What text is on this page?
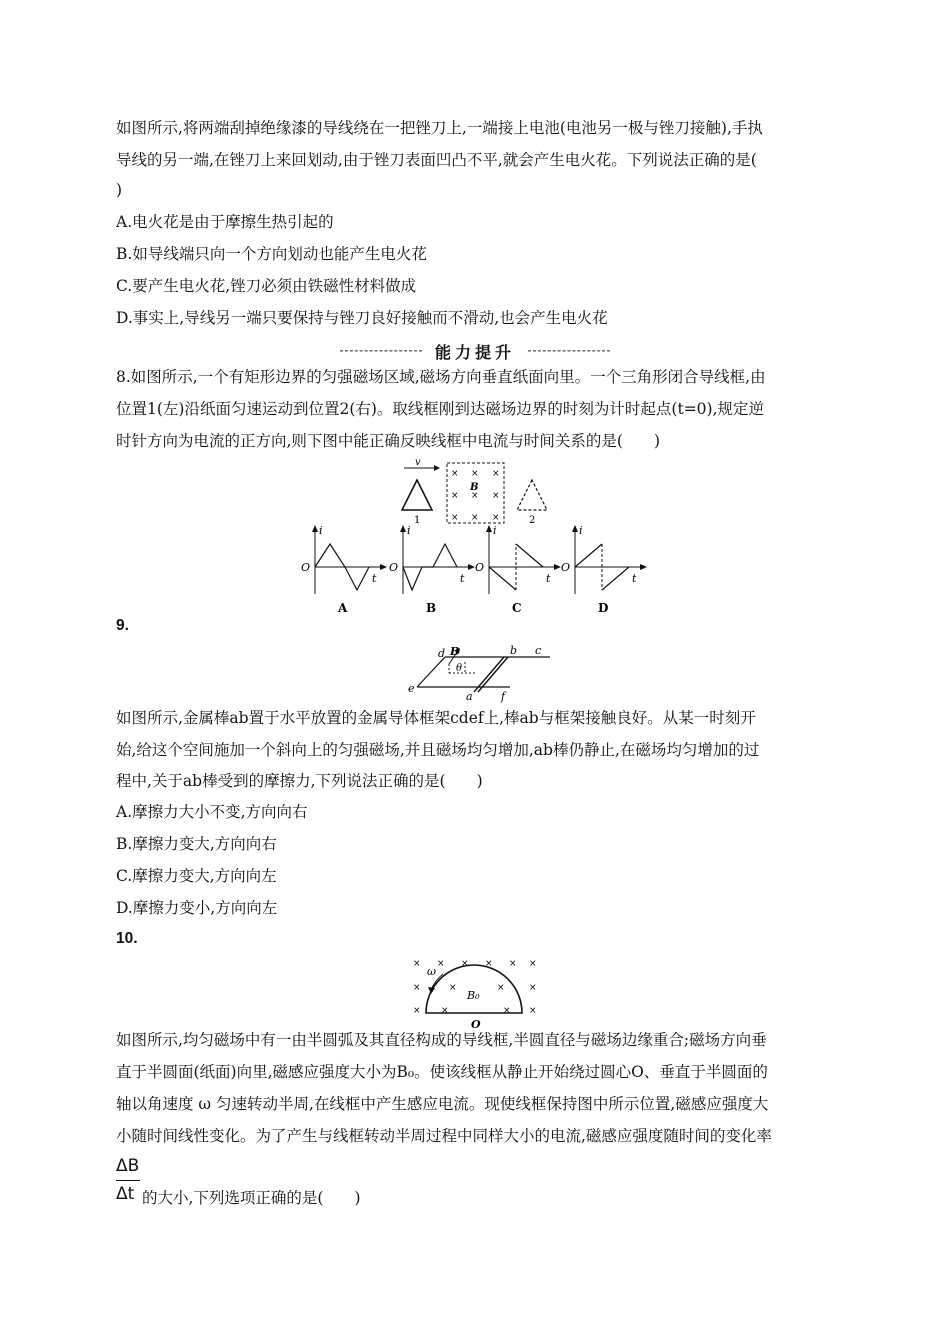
如图所示,将两端刮掉绝缘漆的导线绕在一把锉刀上,一端接上电池(电池另一极与锉刀接触),手执
导线的另一端,在锉刀上来回划动,由于锉刀表面凹凸不平,就会产生电火花。下列说法正确的是(
)
A.电火花是由于摩擦生热引起的
B.如导线端只向一个方向划动也能产生电火花
C.要产生电火花,锉刀必须由铁磁性材料做成
D.事实上,导线另一端只要保持与锉刀良好接触而不滑动,也会产生电火花
能力提升
8.如图所示,一个有矩形边界的匀强磁场区域,磁场方向垂直纸面向里。一个三角形闭合导线框,由
位置1(左)沿纸面匀速运动到位置2(右)。取线框刚到达磁场边界的时刻为计时起点(t=0),规定逆
时针方向为电流的正方向,则下图中能正确反映线框中电流与时间关系的是(　　)
v
1
× × ×
× × ×
× × ×
B
2
i
O
t
A
i
O
t
B
i
O
t
C
i
O
t
D
9.
d B
θ
b c
e
a	f
如图所示,金属棒ab置于水平放置的金属导体框架cdef上,棒ab与框架接触良好。从某一时刻开
始,给这个空间施加一个斜向上的匀强磁场,并且磁场均匀增加,ab棒仍静止,在磁场均匀增加的过
程中,关于ab棒受到的摩擦力,下列说法正确的是(　　)
A.摩擦力大小不变,方向向右
B.摩擦力变大,方向向右
C.摩擦力变大,方向向左
D.摩擦力变小,方向向左
10.
× × × × × ×
×	×	×	×
× ×	× ×
ω
B₀
O
如图所示,均匀磁场中有一由半圆弧及其直径构成的导线框,半圆直径与磁场边缘重合;磁场方向垂
直于半圆面(纸面)向里,磁感应强度大小为B₀。使该线框从静止开始绕过圆心O、垂直于半圆面的
轴以角速度 ω 匀速转动半周,在线框中产生感应电流。现使线框保持图中所示位置,磁感应强度大
小随时间线性变化。为了产生与线框转动半周过程中同样大小的电流,磁感应强度随时间的变化率
ΔB
Δt 的大小,下列选项正确的是(　　)
